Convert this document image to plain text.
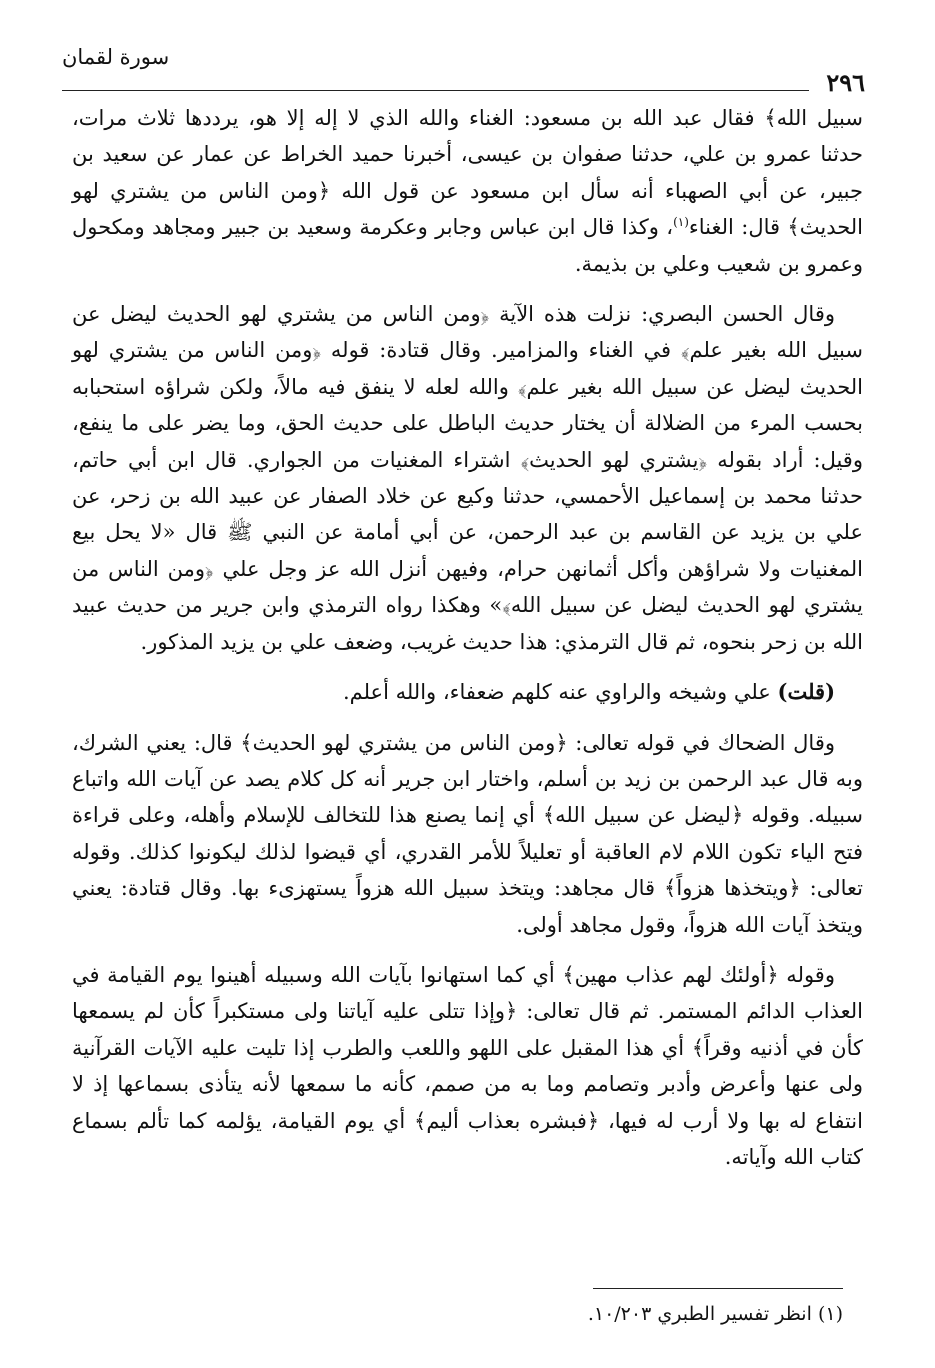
سورة لقمان
٢٩٦

سبيل الله﴾ فقال عبد الله بن مسعود: الغناء والله الذي لا إله إلا هو، يرددها ثلاث مرات، حدثنا عمرو بن علي، حدثنا صفوان بن عيسى، أخبرنا حميد الخراط عن عمار عن سعيد بن جبير، عن أبي الصهباء أنه سأل ابن مسعود عن قول الله ﴿ومن الناس من يشتري لهو الحديث﴾ قال: الغناء$^{(١)}$، وكذا قال ابن عباس وجابر وعكرمة وسعيد بن جبير ومجاهد ومكحول وعمرو بن شعيب وعلي بن بذيمة.

وقال الحسن البصري: نزلت هذه الآية ﴿ومن الناس من يشتري لهو الحديث ليضل عن سبيل الله بغير علم﴾ في الغناء والمزامير. وقال قتادة: قوله ﴿ومن الناس من يشتري لهو الحديث ليضل عن سبيل الله بغير علم﴾ والله لعله لا ينفق فيه مالاً، ولكن شراؤه استحبابه بحسب المرء من الضلالة أن يختار حديث الباطل على حديث الحق، وما يضر على ما ينفع، وقيل: أراد بقوله ﴿يشتري لهو الحديث﴾ اشتراء المغنيات من الجواري. قال ابن أبي حاتم، حدثنا محمد بن إسماعيل الأحمسي، حدثنا وكيع عن خلاد الصفار عن عبيد الله بن زحر، عن علي بن يزيد عن القاسم بن عبد الرحمن، عن أبي أمامة عن النبي ﷺ قال «لا يحل بيع المغنيات ولا شراؤهن وأكل أثمانهن حرام، وفيهن أنزل الله عز وجل علي ﴿ومن الناس من يشتري لهو الحديث ليضل عن سبيل الله﴾» وهكذا رواه الترمذي وابن جرير من حديث عبيد الله بن زحر بنحوه، ثم قال الترمذي: هذا حديث غريب، وضعف علي بن يزيد المذكور.

(قلت) علي وشيخه والراوي عنه كلهم ضعفاء، والله أعلم.

وقال الضحاك في قوله تعالى: ﴿ومن الناس من يشتري لهو الحديث﴾ قال: يعني الشرك، وبه قال عبد الرحمن بن زيد بن أسلم، واختار ابن جرير أنه كل كلام يصد عن آيات الله واتباع سبيله. وقوله ﴿ليضل عن سبيل الله﴾ أي إنما يصنع هذا للتخالف للإسلام وأهله، وعلى قراءة فتح الياء تكون اللام لام العاقبة أو تعليلاً للأمر القدري، أي قيضوا لذلك ليكونوا كذلك. وقوله تعالى: ﴿ويتخذها هزواً﴾ قال مجاهد: ويتخذ سبيل الله هزواً يستهزىء بها. وقال قتادة: يعني ويتخذ آيات الله هزواً، وقول مجاهد أولى.

وقوله ﴿أولئك لهم عذاب مهين﴾ أي كما استهانوا بآيات الله وسبيله أهينوا يوم القيامة في العذاب الدائم المستمر. ثم قال تعالى: ﴿وإذا تتلى عليه آياتنا ولى مستكبراً كأن لم يسمعها كأن في أذنيه وقراً﴾ أي هذا المقبل على اللهو واللعب والطرب إذا تليت عليه الآيات القرآنية ولى عنها وأعرض وأدبر وتصامم وما به من صمم، كأنه ما سمعها لأنه يتأذى بسماعها إذ لا انتفاع له بها ولا أرب له فيها، ﴿فبشره بعذاب أليم﴾ أي يوم القيامة، يؤلمه كما تألم بسماع كتاب الله وآياته.

(١) انظر تفسير الطبري ١٠/٢٠٣.
